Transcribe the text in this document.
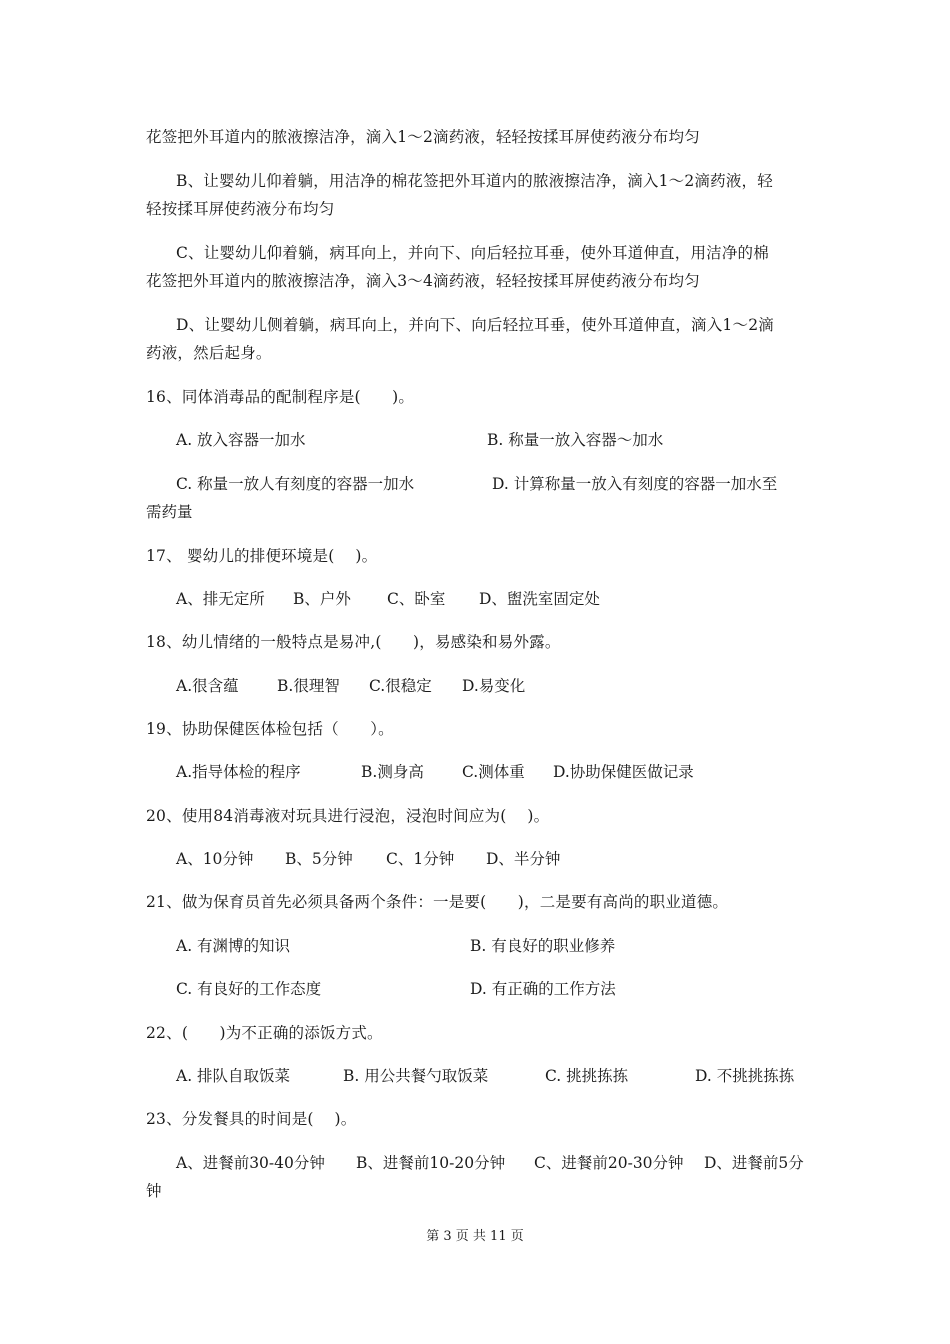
花签把外耳道内的脓液擦洁净，滴入1～2滴药液，轻轻按揉耳屏使药液分布均匀
B、让婴幼儿仰着躺，用洁净的棉花签把外耳道内的脓液擦洁净，滴入1～2滴药液，轻
轻按揉耳屏使药液分布均匀
C、让婴幼儿仰着躺，病耳向上，并向下、向后轻拉耳垂，使外耳道伸直，用洁净的棉
花签把外耳道内的脓液擦洁净，滴入3～4滴药液，轻轻按揉耳屏使药液分布均匀
D、让婴幼儿侧着躺，病耳向上，并向下、向后轻拉耳垂，使外耳道伸直，滴入1～2滴
药液，然后起身。
16、同体消毒品的配制程序是(　　)。
A. 放入容器一加水	B. 称量一放入容器～加水
C. 称量一放人有刻度的容器一加水	D. 计算称量一放入有刻度的容器一加水至
需药量
17、 婴幼儿的排便环境是(　 )。
A、排无定所 B、户外 C、卧室 D、盥洗室固定处
18、幼儿情绪的一般特点是易冲,(　　)，易感染和易外露。
A.很含蕴 B.很理智 C.很稳定 D.易变化
19、协助保健医体检包括（　　）。
A.指导体检的程序	B.测身高 C.测体重 D.协助保健医做记录
20、使用84消毒液对玩具进行浸泡，浸泡时间应为(　 )。
A、10分钟 B、5分钟 C、1分钟 D、半分钟
21、做为保育员首先必须具备两个条件：一是要(　　)，二是要有高尚的职业道德。
A. 有渊博的知识	B. 有良好的职业修养
C. 有良好的工作态度	D. 有正确的工作方法
22、(　　)为不正确的添饭方式。
A. 排队自取饭菜	B. 用公共餐勺取饭菜	C. 挑挑拣拣	D. 不挑挑拣拣
23、分发餐具的时间是(　 )。
A、进餐前30-40分钟 B、进餐前10-20分钟 C、进餐前20-30分钟 D、进餐前5分
钟
第 3 页 共 11 页
